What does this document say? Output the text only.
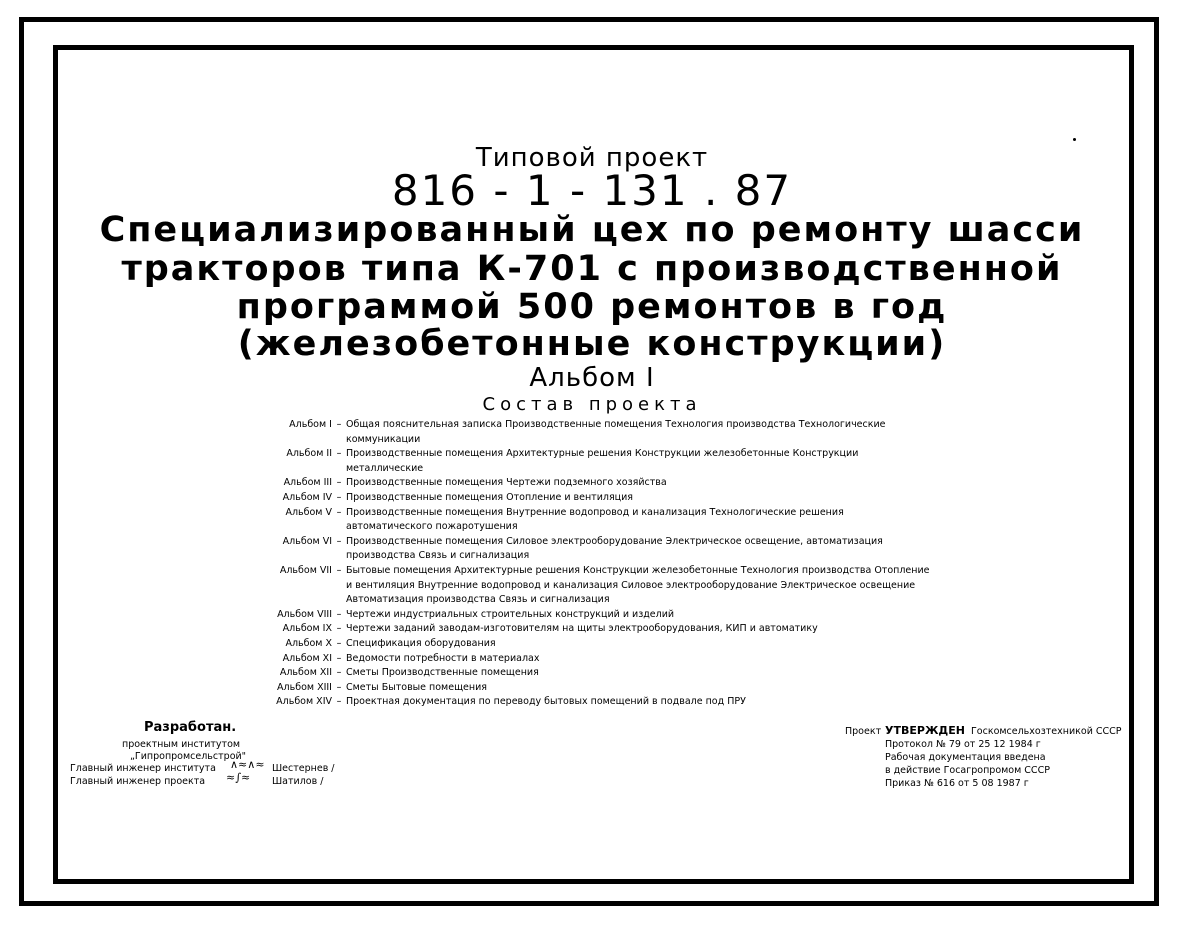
Типовой проект
816 - 1 - 131 . 87
Специализированный цех по ремонту шасси
тракторов типа К-701 с производственной
программой 500 ремонтов в год
(железобетонные конструкции)
Альбом I
Состав проекта
Альбом I – Общая пояснительная записка Производственные помещения Технология производства Технологические коммуникации
Альбом II – Производственные помещения Архитектурные решения Конструкции железобетонные Конструкции металлические
Альбом III – Производственные помещения Чертежи подземного хозяйства
Альбом IV – Производственные помещения Отопление и вентиляция
Альбом V – Производственные помещения Внутренние водопровод и канализация Технологические решения автоматического пожаротушения
Альбом VI – Производственные помещения Силовое электрооборудование Электрическое освещение, автоматизация производства Связь и сигнализация
Альбом VII – Бытовые помещения Архитектурные решения Конструкции железобетонные Технология производства Отопление и вентиляция Внутренние водопровод и канализация Силовое электрооборудование Электрическое освещение Автоматизация производства Связь и сигнализация
Альбом VIII – Чертежи индустриальных строительных конструкций и изделий
Альбом IX – Чертежи заданий заводам-изготовителям на щиты электрооборудования, КИП и автоматику
Альбом X – Спецификация оборудования
Альбом XI – Ведомости потребности в материалах
Альбом XII – Сметы Производственные помещения
Альбом XIII – Сметы Бытовые помещения
Альбом XIV – Проектная документация по переводу бытовых помещений в подвале под ПРУ
Разработан.
проектным институтом
„Гипропромсельстрой"
Главный инженер института ∧≈∧≈ Шестернев /
Главный инженер проекта ≈∫≈ Шатилов /
Проект УТВЕРЖДЕН Госкомсельхозтехникой СССР
Протокол № 79 от 25 12 1984 г
Рабочая документация введена
в действие Госагропромом СССР
Приказ № 616 от 5 08 1987 г
